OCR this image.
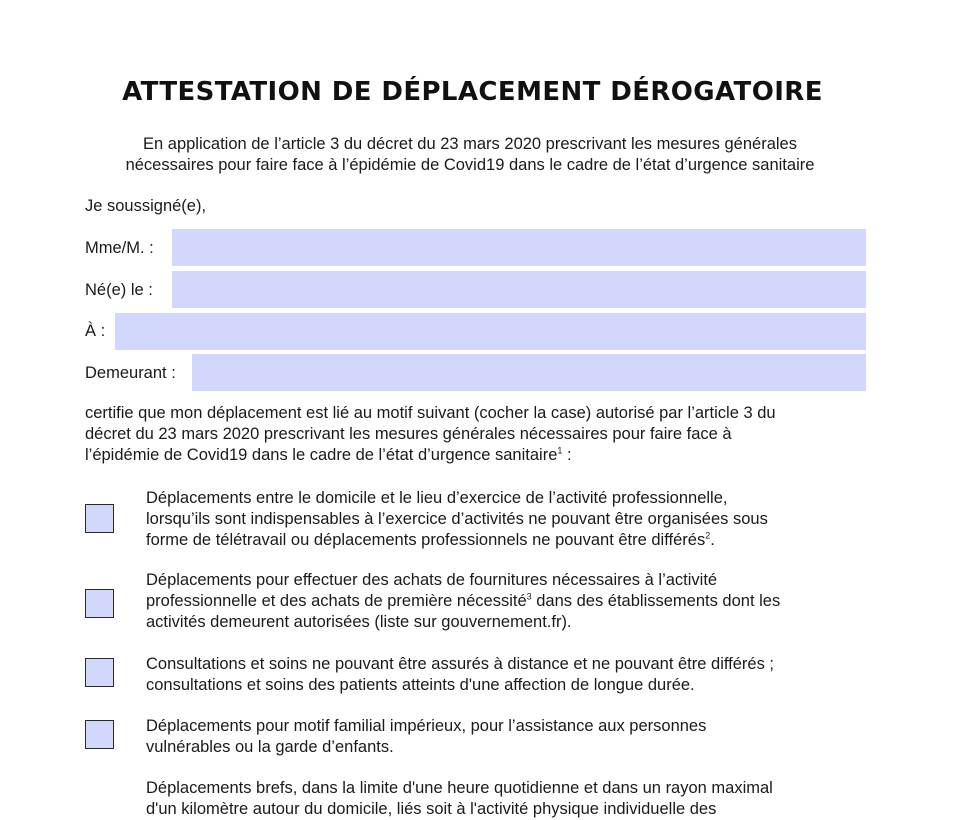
ATTESTATION DE DÉPLACEMENT DÉROGATOIRE
En application de l’article 3 du décret du 23 mars 2020 prescrivant les mesures générales
nécessaires pour faire face à l’épidémie de Covid19 dans le cadre de l’état d’urgence sanitaire
Je soussigné(e),
Mme/M. :
Né(e) le :
À :
Demeurant :
certifie que mon déplacement est lié au motif suivant (cocher la case) autorisé par l’article 3 du
décret du 23 mars 2020 prescrivant les mesures générales nécessaires pour faire face à
l’épidémie de Covid19 dans le cadre de l’état d’urgence sanitaire$^1$ :
Déplacements entre le domicile et le lieu d’exercice de l’activité professionnelle,
lorsqu’ils sont indispensables à l’exercice d’activités ne pouvant être organisées sous
forme de télétravail ou déplacements professionnels ne pouvant être différés$^2$.
Déplacements pour effectuer des achats de fournitures nécessaires à l’activité
professionnelle et des achats de première nécessité$^3$ dans des établissements dont les
activités demeurent autorisées (liste sur gouvernement.fr).
Consultations et soins ne pouvant être assurés à distance et ne pouvant être différés ;
consultations et soins des patients atteints d'une affection de longue durée.
Déplacements pour motif familial impérieux, pour l’assistance aux personnes
vulnérables ou la garde d’enfants.
Déplacements brefs, dans la limite d'une heure quotidienne et dans un rayon maximal
d'un kilomètre autour du domicile, liés soit à l'activité physique individuelle des
